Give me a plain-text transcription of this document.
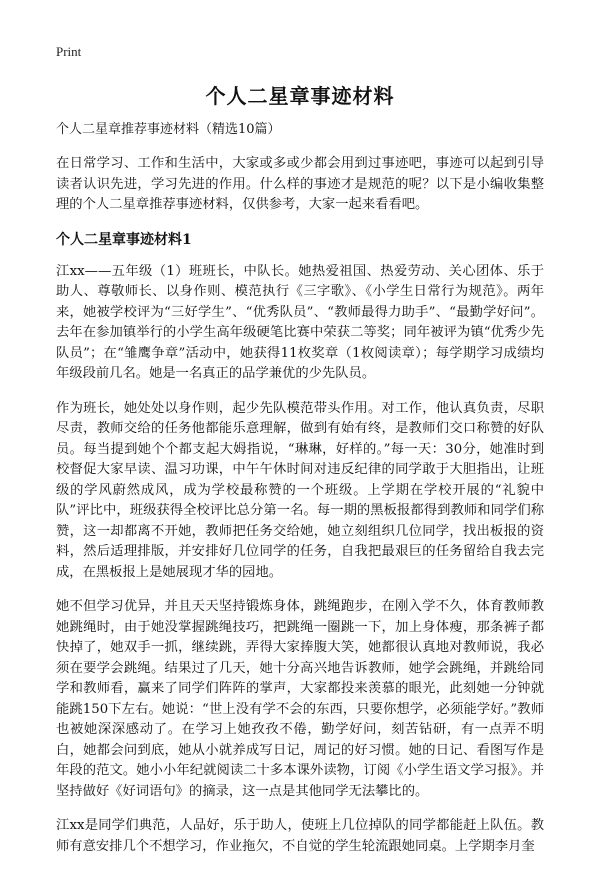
Print
个人二星章事迹材料
个人二星章推荐事迹材料（精选10篇）

在日常学习、工作和生活中，大家或多或少都会用到过事迹吧，事迹可以起到引导读者认识先进，学习先进的作用。什么样的事迹才是规范的呢？以下是小编收集整理的个人二星章推荐事迹材料，仅供参考，大家一起来看看吧。

个人二星章事迹材料1

江xx——五年级（1）班班长，中队长。她热爱祖国、热爱劳动、关心团体、乐于助人、尊敬师长、以身作则、模范执行《三字歌》、《小学生日常行为规范》。两年来，她被学校评为“三好学生”、“优秀队员”、“教师最得力助手”、“最勤学好问”。去年在参加镇举行的小学生高年级硬笔比赛中荣获二等奖；同年被评为镇“优秀少先队员”；在“雏鹰争章”活动中，她获得11枚奖章（1枚阅读章）；每学期学习成绩均年级段前几名。她是一名真正的品学兼优的少先队员。

作为班长，她处处以身作则，起少先队模范带头作用。对工作，他认真负责，尽职尽责，教师交给的任务他都能乐意理解，做到有始有终，是教师们交口称赞的好队员。每当提到她个个都支起大姆指说，“琳琳，好样的。”每一天：30分，她准时到校督促大家早读、温习功课，中午午休时间对违反纪律的同学敢于大胆指出，让班级的学风蔚然成风，成为学校最称赞的一个班级。上学期在学校开展的“礼貌中队”评比中，班级获得全校评比总分第一名。每一期的黑板报都得到教师和同学们称赞，这一却都离不开她，教师把任务交给她，她立刻组织几位同学，找出板报的资料，然后适理排版，并安排好几位同学的任务，自我把最艰巨的任务留给自我去完成，在黑板报上是她展现才华的园地。

她不但学习优异，并且天天坚持锻炼身体，跳绳跑步，在刚入学不久，体育教师教她跳绳时，由于她没掌握跳绳技巧，把跳绳一圈跳一下，加上身体瘦，那条裤子都快掉了，她双手一抓，继续跳，弄得大家捧腹大笑，她都很认真地对教师说，我必须在要学会跳绳。结果过了几天，她十分高兴地告诉教师，她学会跳绳，并跳给同学和教师看，赢来了同学们阵阵的掌声，大家都投来羡慕的眼光，此刻她一分钟就能跳150下左右。她说：“世上没有学不会的东西，只要你想学，必须能学好。”教师也被她深深感动了。在学习上她孜孜不倦，勤学好问，刻苦钻研，有一点弄不明白，她都会问到底，她从小就养成写日记，周记的好习惯。她的日记、看图写作是年段的范文。她小小年纪就阅读二十多本课外读物，订阅《小学生语文学习报》。并坚持做好《好词语句》的摘录，这一点是其他同学无法攀比的。

江xx是同学们典范，人品好，乐于助人，使班上几位掉队的同学都能赶上队伍。教师有意安排几个不想学习，作业拖欠，不自觉的学生轮流跟她同桌。上学期李月奎
